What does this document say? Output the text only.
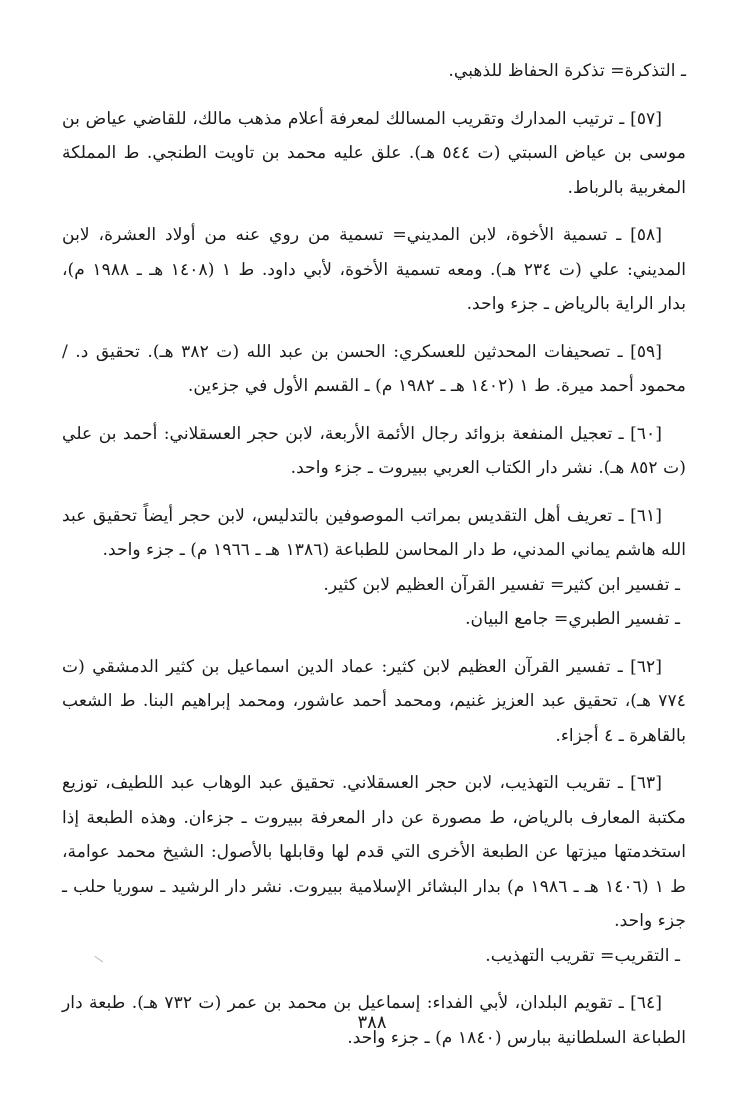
ـ التذكرة= تذكرة الحفاظ للذهبي.

[٥٧] ـ ترتيب المدارك وتقريب المسالك لمعرفة أعلام مذهب مالك، للقاضي عياض بن موسى بن عياض السبتي (ت ٥٤٤ هـ). علق عليه محمد بن تاويت الطنجي. ط المملكة المغربية بالرباط.

[٥٨] ـ تسمية الأخوة، لابن المديني= تسمية من روي عنه من أولاد العشرة، لابن المديني: علي (ت ٢٣٤ هـ). ومعه تسمية الأخوة، لأبي داود. ط ١ (١٤٠٨ هـ ـ ١٩٨٨ م)، بدار الراية بالرياض ـ جزء واحد.

[٥٩] ـ تصحيفات المحدثين للعسكري: الحسن بن عبد الله (ت ٣٨٢ هـ). تحقيق د. / محمود أحمد ميرة. ط ١ (١٤٠٢ هـ ـ ١٩٨٢ م) ـ القسم الأول في جزءين.

[٦٠] ـ تعجيل المنفعة بزوائد رجال الأئمة الأربعة، لابن حجر العسقلاني: أحمد بن علي (ت ٨٥٢ هـ). نشر دار الكتاب العربي ببيروت ـ جزء واحد.

[٦١] ـ تعريف أهل التقديس بمراتب الموصوفين بالتدليس، لابن حجر أيضاً تحقيق عبد الله هاشم يماني المدني، ط دار المحاسن للطباعة (١٣٨٦ هـ ـ ١٩٦٦ م) ـ جزء واحد.

ـ تفسير ابن كثير= تفسير القرآن العظيم لابن كثير.

ـ تفسير الطبري= جامع البيان.

[٦٢] ـ تفسير القرآن العظيم لابن كثير: عماد الدين اسماعيل بن كثير الدمشقي (ت ٧٧٤ هـ)، تحقيق عبد العزيز غنيم، ومحمد أحمد عاشور، ومحمد إبراهيم البنا. ط الشعب بالقاهرة ـ ٤ أجزاء.

[٦٣] ـ تقريب التهذيب، لابن حجر العسقلاني. تحقيق عبد الوهاب عبد اللطيف، توزيع مكتبة المعارف بالرياض، ط مصورة عن دار المعرفة ببيروت ـ جزءان. وهذه الطبعة إذا استخدمتها ميزتها عن الطبعة الأخرى التي قدم لها وقابلها بالأصول: الشيخ محمد عوامة، ط ١ (١٤٠٦ هـ ـ ١٩٨٦ م) بدار البشائر الإسلامية ببيروت. نشر دار الرشيد ـ سوريا حلب ـ جزء واحد.

ـ التقريب= تقريب التهذيب.

[٦٤] ـ تقويم البلدان، لأبي الفداء: إسماعيل بن محمد بن عمر (ت ٧٣٢ هـ). طبعة دار الطباعة السلطانية ببارس (١٨٤٠ م) ـ جزء واحد.

٣٨٨
